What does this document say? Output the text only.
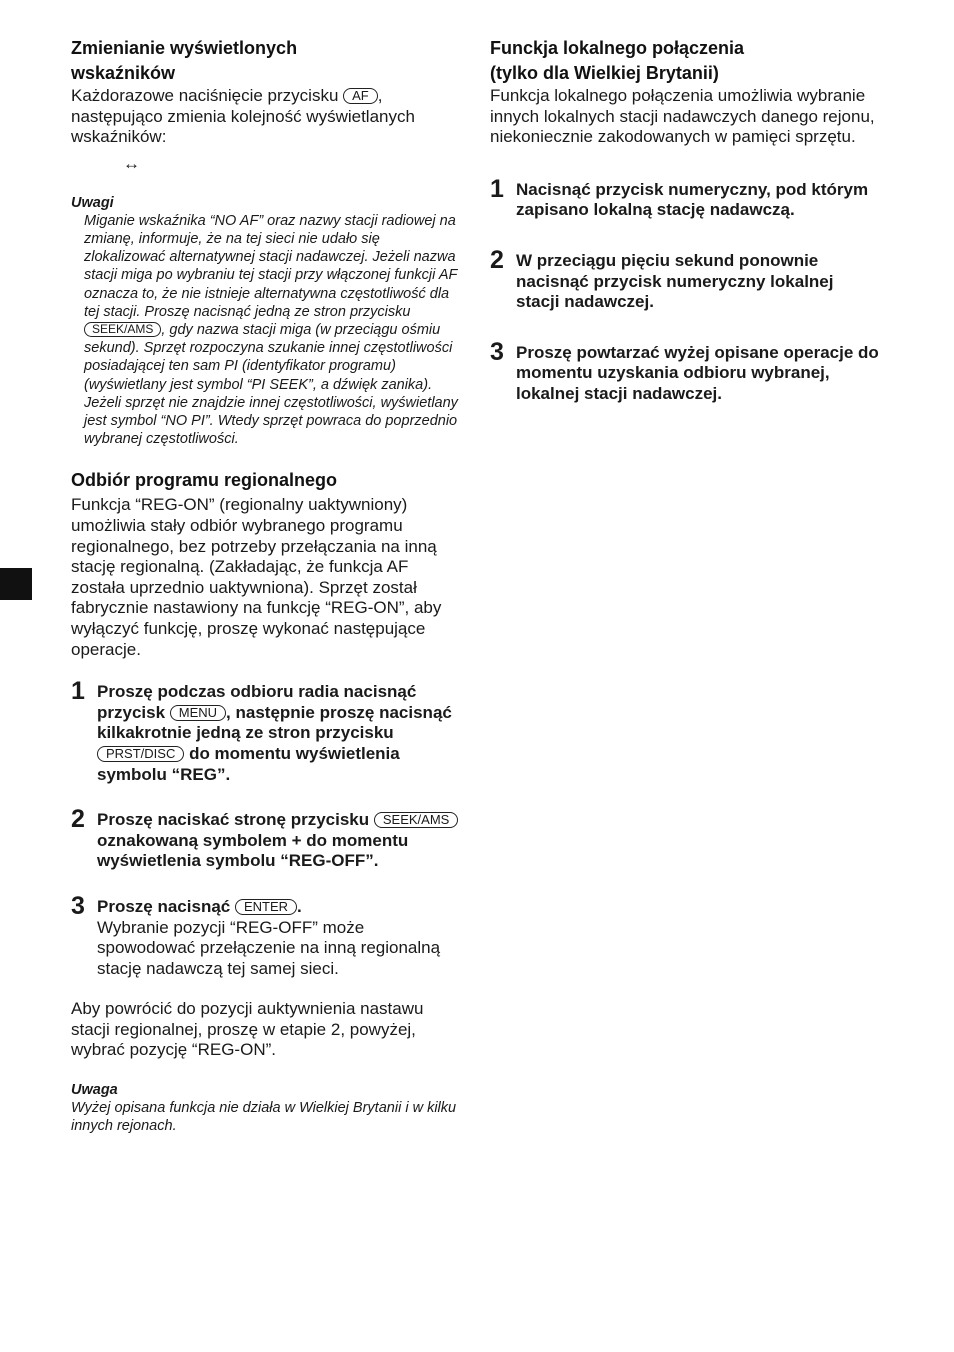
Zmienianie wyświetlonych
wskaźników

Każdorazowe naciśnięcie przycisku AF , następująco zmienia kolejność wyświetlanych wskaźników:

↔
Uwagi

Miganie wskaźnika “NO AF” oraz nazwy stacji radiowej na zmianę, informuje, że na tej sieci nie udało się zlokalizować alternatywnej stacji nadawczej. Jeżeli nazwa stacji miga po wybraniu tej stacji przy włączonej funkcji AF oznacza to, że nie istnieje alternatywna częstotliwość dla tej stacji. Proszę nacisnąć jedną ze stron przycisku SEEK/AMS , gdy nazwa stacji miga (w przeciągu ośmiu sekund). Sprzęt rozpoczyna szukanie innej częstotliwości posiadającej ten sam PI (identyfikator programu) (wyświetlany jest symbol “PI SEEK”, a dźwięk zanika). Jeżeli sprzęt nie znajdzie innej częstotliwości, wyświetlany jest symbol “NO PI”. Wtedy sprzęt powraca do poprzednio wybranej częstotliwości.

Odbiór programu regionalnego

Funkcja “REG-ON” (regionalny uaktywniony) umożliwia stały odbiór wybranego programu regionalnego, bez potrzeby przełączania na inną stację regionalną. (Zakładając, że funkcja AF została uprzednio uaktywniona). Sprzęt został fabrycznie nastawiony na funkcję “REG-ON”, aby wyłączyć funkcję, proszę wykonać następujące operacje.

1 Proszę podczas odbioru radia nacisnąć przycisk MENU , następnie proszę nacisnąć kilkakrotnie jedną ze stron przycisku PRST/DISC do momentu wyświetlenia symbolu “REG”.
2 Proszę naciskać stronę przycisku SEEK/AMS oznakowaną symbolem + do momentu wyświetlenia symbolu “REG-OFF”.
3 Proszę nacisnąć ENTER .
Wybranie pozycji “REG-OFF” może spowodować przełączenie na inną regionalną stację nadawczą tej samej sieci.

Aby powrócić do pozycji auktywnienia nastawu stacji regionalnej, proszę w etapie 2, powyżej, wybrać pozycję “REG-ON”.

Uwaga

Wyżej opisana funkcja nie działa w Wielkiej Brytanii i w kilku innych rejonach.

Funckja lokalnego połączenia
(tylko dla Wielkiej Brytanii)

Funkcja lokalnego połączenia umożliwia wybranie innych lokalnych stacji nadawczych danego rejonu, niekoniecznie zakodowanych w pamięci sprzętu.

1 Nacisnąć przycisk numeryczny, pod którym zapisano lokalną stację nadawczą.
2 W przeciągu pięciu sekund ponownie nacisnąć przycisk numeryczny lokalnej stacji nadawczej.
3 Proszę powtarzać wyżej opisane operacje do momentu uzyskania odbioru wybranej, lokalnej stacji nadawczej.
